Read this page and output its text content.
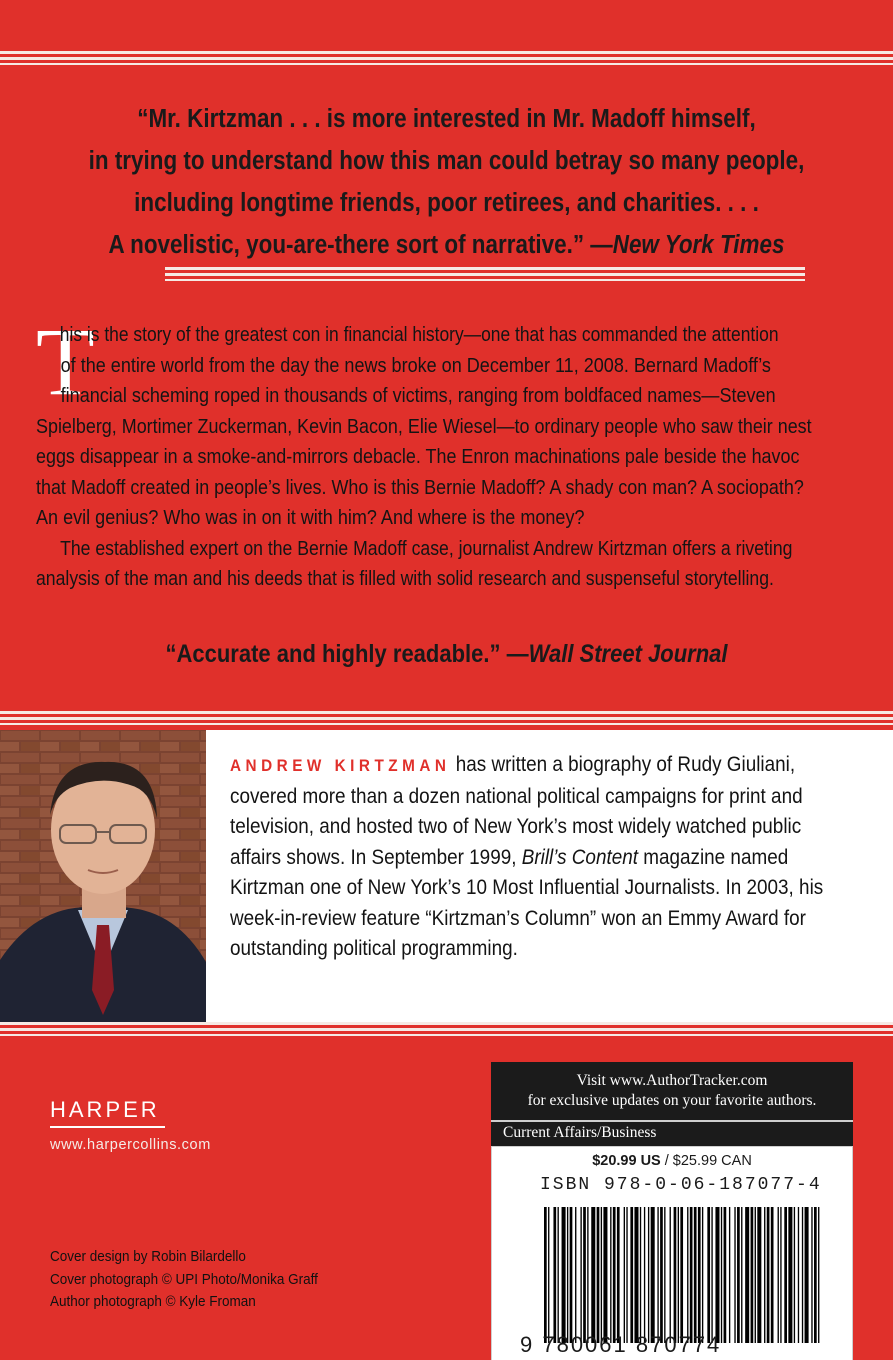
“Mr. Kirtzman . . . is more interested in Mr. Madoff himself,
in trying to understand how this man could betray so many people,
including longtime friends, poor retirees, and charities. . . .
A novelistic, you-are-there sort of narrative.” —New York Times
T
his is the story of the greatest con in financial history—one that has commanded the attention
of the entire world from the day the news broke on December 11, 2008. Bernard Madoff’s
financial scheming roped in thousands of victims, ranging from boldfaced names—Steven
Spielberg, Mortimer Zuckerman, Kevin Bacon, Elie Wiesel—to ordinary people who saw their nest
eggs disappear in a smoke-and-mirrors debacle. The Enron machinations pale beside the havoc
that Madoff created in people’s lives. Who is this Bernie Madoff? A shady con man? A sociopath?
An evil genius? Who was in on it with him? And where is the money?
The established expert on the Bernie Madoff case, journalist Andrew Kirtzman offers a riveting
analysis of the man and his deeds that is filled with solid research and suspenseful storytelling.
“Accurate and highly readable.” —Wall Street Journal
ANDREW KIRTZMAN has written a biography of Rudy Giuliani,
covered more than a dozen national political campaigns for print and
television, and hosted two of New York’s most widely watched public
affairs shows. In September 1999, Brill’s Content magazine named
Kirtzman one of New York’s 10 Most Influential Journalists. In 2003, his
week-in-review feature “Kirtzman’s Column” won an Emmy Award for
outstanding political programming.
HARPER
www.harpercollins.com
Cover design by Robin Bilardello
Cover photograph © UPI Photo/Monika Graff
Author photograph © Kyle Froman
Visit www.AuthorTracker.com
for exclusive updates on your favorite authors.
Current Affairs/Business
$20.99 US / $25.99 CAN
ISBN 978-0-06-187077-4
9 780061 870774
